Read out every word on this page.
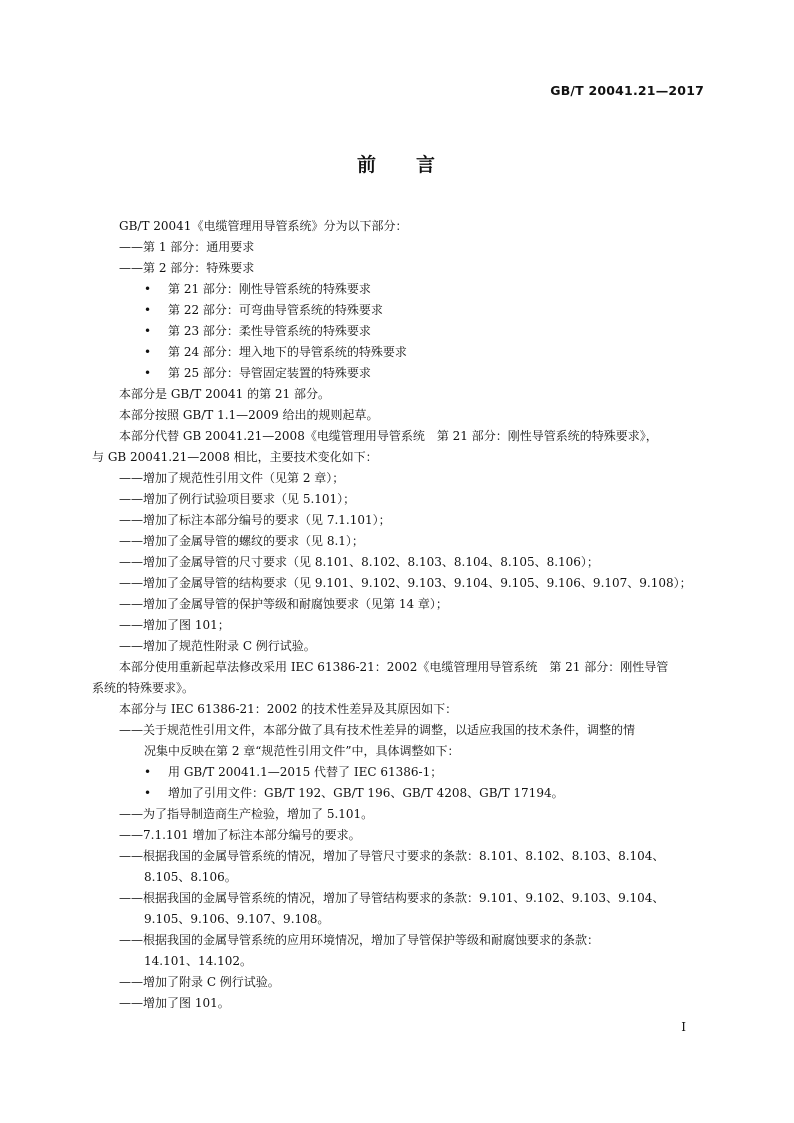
GB/T 20041.21—2017
前 言
GB/T 20041《电缆管理用导管系统》分为以下部分：
——第 1 部分：通用要求
——第 2 部分：特殊要求
• 第 21 部分：刚性导管系统的特殊要求
• 第 22 部分：可弯曲导管系统的特殊要求
• 第 23 部分：柔性导管系统的特殊要求
• 第 24 部分：埋入地下的导管系统的特殊要求
• 第 25 部分：导管固定装置的特殊要求
本部分是 GB/T 20041 的第 21 部分。
本部分按照 GB/T 1.1—2009 给出的规则起草。
本部分代替 GB 20041.21—2008《电缆管理用导管系统　第 21 部分：刚性导管系统的特殊要求》，
与 GB 20041.21—2008 相比，主要技术变化如下：
——增加了规范性引用文件（见第 2 章）；
——增加了例行试验项目要求（见 5.101）；
——增加了标注本部分编号的要求（见 7.1.101）；
——增加了金属导管的螺纹的要求（见 8.1）；
——增加了金属导管的尺寸要求（见 8.101、8.102、8.103、8.104、8.105、8.106）；
——增加了金属导管的结构要求（见 9.101、9.102、9.103、9.104、9.105、9.106、9.107、9.108）；
——增加了金属导管的保护等级和耐腐蚀要求（见第 14 章）；
——增加了图 101；
——增加了规范性附录 C 例行试验。
本部分使用重新起草法修改采用 IEC 61386-21：2002《电缆管理用导管系统　第 21 部分：刚性导管
系统的特殊要求》。
本部分与 IEC 61386-21：2002 的技术性差异及其原因如下：
——关于规范性引用文件，本部分做了具有技术性差异的调整，以适应我国的技术条件，调整的情
况集中反映在第 2 章“规范性引用文件”中，具体调整如下：
• 用 GB/T 20041.1—2015 代替了 IEC 61386-1；
• 增加了引用文件：GB/T 192、GB/T 196、GB/T 4208、GB/T 17194。
——为了指导制造商生产检验，增加了 5.101。
——7.1.101 增加了标注本部分编号的要求。
——根据我国的金属导管系统的情况，增加了导管尺寸要求的条款：8.101、8.102、8.103、8.104、
8.105、8.106。
——根据我国的金属导管系统的情况，增加了导管结构要求的条款：9.101、9.102、9.103、9.104、
9.105、9.106、9.107、9.108。
——根据我国的金属导管系统的应用环境情况，增加了导管保护等级和耐腐蚀要求的条款：
14.101、14.102。
——增加了附录 C 例行试验。
——增加了图 101。
I
